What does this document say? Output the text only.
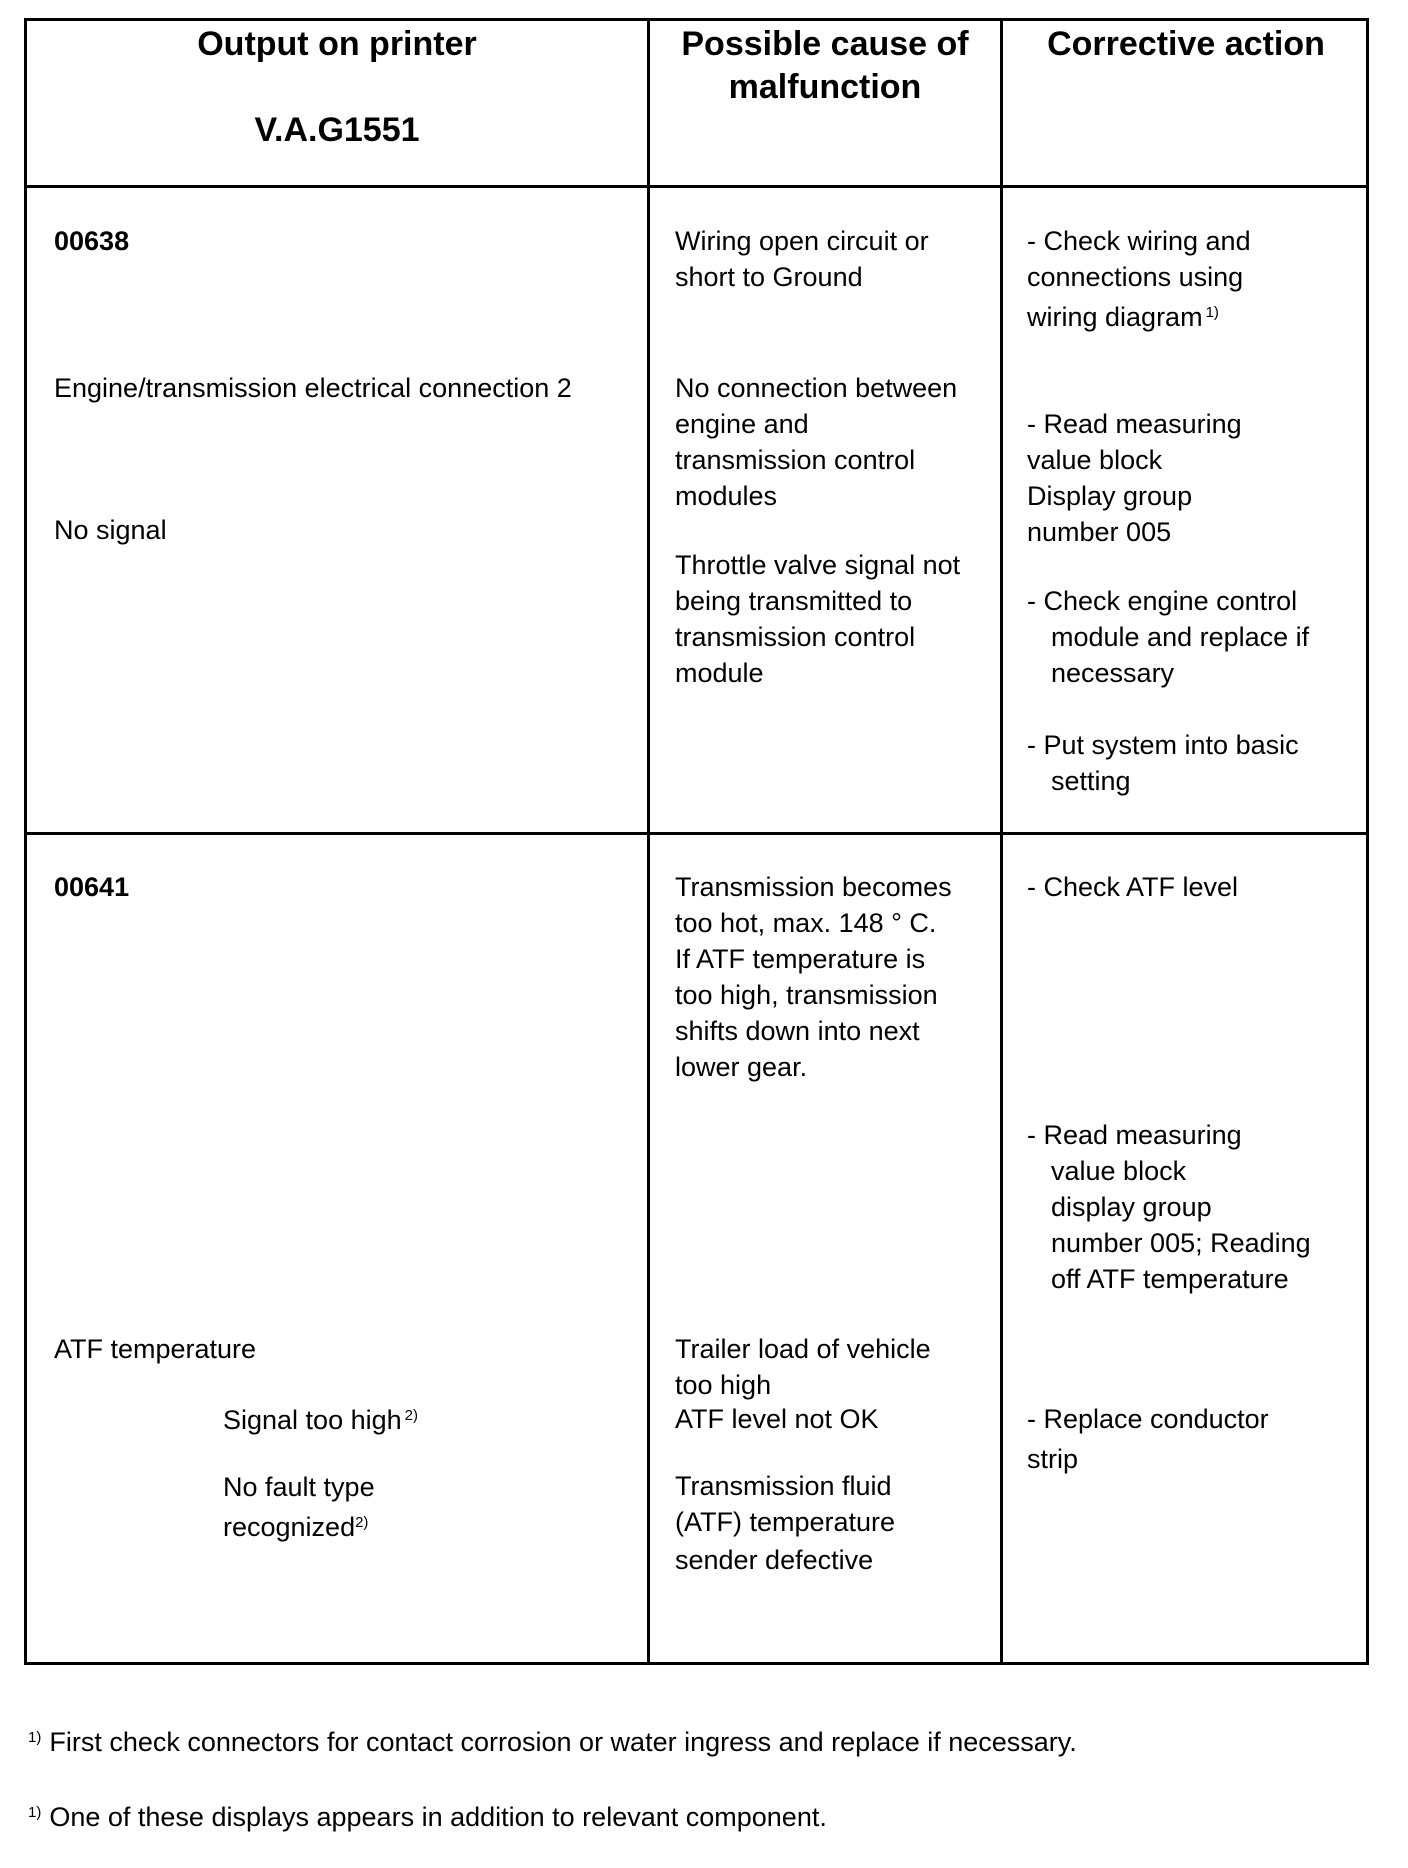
Output on printer
V.A.G1551
Possible cause of
malfunction
Corrective action
00638
Engine/transmission electrical connection 2
No signal
Wiring open circuit or
short to Ground
No connection between
engine and
transmission control
modules
Throttle valve signal not
being transmitted to
transmission control
module
- Check wiring and
connections using
wiring diagram $^{1)}$
- Read measuring
value block
Display group
number 005
- Check engine control
module and replace if
necessary
- Put system into basic
setting
00641
ATF temperature
Signal too high $^{2)}$
No fault type
recognized$^{2)}$
Transmission becomes
too hot, max. 148 ° C.
If ATF temperature is
too high, transmission
shifts down into next
lower gear.
Trailer load of vehicle
too high
ATF level not OK
Transmission fluid
(ATF) temperature
sender defective
- Check ATF level
- Read measuring
value block
display group
number 005; Reading
off ATF temperature
- Replace conductor
strip
$^{1)}$ First check connectors for contact corrosion or water ingress and replace if necessary.
$^{1)}$ One of these displays appears in addition to relevant component.
